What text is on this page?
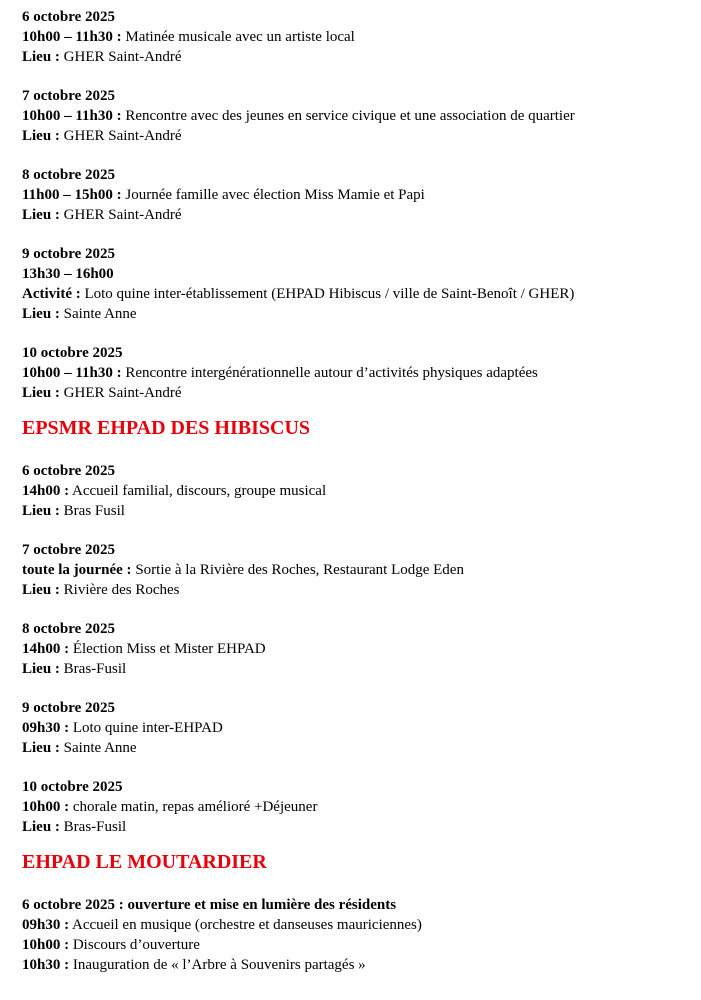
6 octobre 2025
10h00 – 11h30 : Matinée musicale avec un artiste local
Lieu : GHER Saint-André
7 octobre 2025
10h00 – 11h30 : Rencontre avec des jeunes en service civique et une association de quartier
Lieu : GHER Saint-André
8 octobre 2025
11h00 – 15h00 : Journée famille avec élection Miss Mamie et Papi
Lieu : GHER Saint-André
9 octobre 2025
13h30 – 16h00
Activité : Loto quine inter-établissement (EHPAD Hibiscus / ville de Saint-Benoît / GHER)
Lieu : Sainte Anne
10 octobre 2025
10h00 – 11h30 : Rencontre intergénérationnelle autour d’activités physiques adaptées
Lieu : GHER Saint-André
EPSMR EHPAD DES HIBISCUS
6 octobre 2025
14h00 : Accueil familial, discours, groupe musical
Lieu : Bras Fusil
7 octobre 2025
toute la journée : Sortie à la Rivière des Roches, Restaurant Lodge Eden
Lieu : Rivière des Roches
8 octobre 2025
14h00 : Élection Miss et Mister EHPAD
Lieu : Bras-Fusil
9 octobre 2025
09h30 : Loto quine inter-EHPAD
Lieu : Sainte Anne
10 octobre 2025
10h00 : chorale matin, repas amélioré +Déjeuner
Lieu : Bras-Fusil
EHPAD LE MOUTARDIER
6 octobre 2025 : ouverture et mise en lumière des résidents
09h30 : Accueil en musique (orchestre et danseuses mauriciennes)
10h00 : Discours d’ouverture
10h30 : Inauguration de « l’Arbre à Souvenirs partagés »
